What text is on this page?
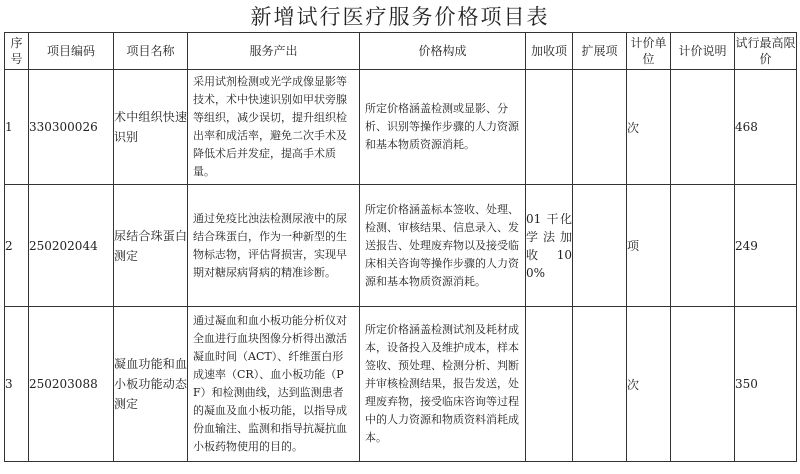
新增试行医疗服务价格项目表
序号	项目编码	项目名称	服务产出	价格构成	加收项	扩展项	计价单位	计价说明	试行最高限价
1	330300026	术中组织快速识别	采用试剂检测或光学成像显影等技术，术中快速识别如甲状旁腺等组织，减少误切，提升组织检出率和成活率，避免二次手术及降低术后并发症，提高手术质量。	所定价格涵盖检测或显影、分析、识别等操作步骤的人力资源和基本物质资源消耗。			次		468
2	250202044	尿结合珠蛋白测定	通过免疫比浊法检测尿液中的尿结合珠蛋白，作为一种新型的生物标志物，评估肾损害，实现早期对糖尿病肾病的精准诊断。	所定价格涵盖标本签收、处理、检测、审核结果、信息录入、发送报告、处理废弃物以及接受临床相关咨询等操作步骤的人力资源和基本物质资源消耗。	01 干化学法加收 100%		项		249
3	250203088	凝血功能和血小板功能动态测定	通过凝血和血小板功能分析仪对全血进行血块图像分析得出激活凝血时间（ACT）、纤维蛋白形成速率（CR）、血小板功能（PF）和检测曲线，达到监测患者的凝血及血小板功能，以指导成份血输注、监测和指导抗凝抗血小板药物使用的目的。	所定价格涵盖检测试剂及耗材成本，设备投入及维护成本，样本签收、预处理、检测分析、判断并审核检测结果，报告发送，处理废弃物，接受临床咨询等过程中的人力资源和物质资料消耗成本。			次		350
